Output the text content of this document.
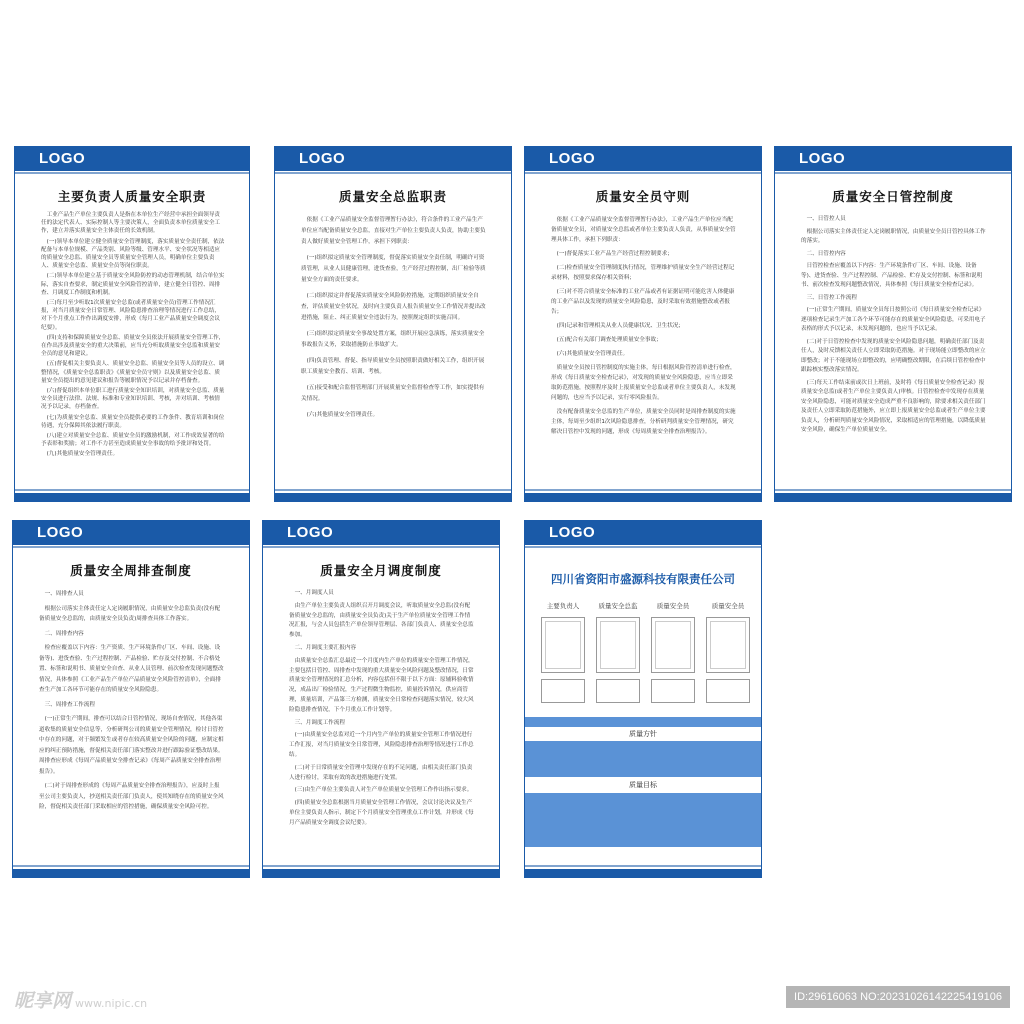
LOGO
主要负责人质量安全职责

工业产品生产单位主要负责人是指在本单位生产经营中承担全面领导责任的法定代表人、实际控制人等主要决策人，全面负责本单位质量安全工作，建立并落实质量安全主体责任的长效机制。

(一)领导本单位建立健全质量安全管理制度，落实质量安全责任制，依法配备与本单位规模、产品类别、风险等级、管理水平、安全状况等相适应的质量安全总监、质量安全员等质量安全管理人员，明确单位主要负责人、质量安全总监、质量安全员等岗位职责。

(二)领导本单位建立基于质量安全风险防控的动态管理机制，结合单位实际，落实自查要求，制定质量安全风险管控清单，建立健全日管控、周排查、月调度工作制度和机制。

(三)每月至少听取1次质量安全总监(或者质量安全员)管理工作情况汇报，对当月质量安全日常管理、风险隐患排查治理等情况进行工作总结，对下个月重点工作作出调度安排，形成《每月工业产品质量安全调度会议纪要》。

(四)支持和保障质量安全总监、质量安全员依法开展质量安全管理工作，在作出涉及质量安全的重大决策前，应当充分听取质量安全总监和质量安全员的意见和建议。

(五)督促相关主要负责人、质量安全总监、质量安全员等人员的设立、调整情况，《质量安全总监职责》《质量安全员守则》以及质量安全总监、质量安全员提出的意见建议和报告等履职情况予以记录并存档备查。

(六)督促组织本单位职工进行质量安全知识培训，对质量安全总监、质量安全员进行法律、法规、标准和专业知识培训、考核，并对培训、考核情况予以记录，存档备查。

(七)为质量安全总监、质量安全员提供必要的工作条件、教育培训和岗位待遇，充分保障其依法履行职责。

(八)建立对质量安全总监、质量安全员的激励机制，对工作成效显著的给予表彰和奖励；对工作不力甚至造成质量安全事故的给予批评和处罚。

(九)其他质量安全管理责任。

LOGO
质量安全总监职责

依据《工业产品质量安全监督管理暂行办法》，符合条件的工业产品生产单位应当配备质量安全总监，直接对生产单位主要负责人负责，协助主要负责人做好质量安全管理工作，承担下列职责：

(一)组织拟定质量安全管理制度，督促落实质量安全责任制，明确许可资质管理，从业人员健康管理，进货查验，生产经营过程控制，出厂检验等质量安全方面的责任要求。

(二)组织拟定并督促落实质量安全风险防控措施，定期组织质量安全自查，评估质量安全状况，及时向主要负责人报告质量安全工作情况并提出改进措施，阻止、纠正质量安全违法行为，按照规定组织实施召回。

(三)组织拟定质量安全事故处置方案，组织开展应急演练，落实质量安全事故报告义务，采取措施防止事故扩大。

(四)负责管理、督促、指导质量安全员按照职责做好相关工作，组织开展职工质量安全教育、培训、考核。

(五)接受和配合监督管理部门开展质量安全监督检查等工作，如实提供有关情况。

(六)其他质量安全管理责任。

LOGO
质量安全员守则

依据《工业产品质量安全监督管理暂行办法》，工业产品生产单位应当配备质量安全员，对质量安全总监或者单位主要负责人负责，从事质量安全管理具体工作，承担下列职责：

(一)督促落实工业产品生产经营过程控制要求；

(二)检查质量安全管理制度执行情况，管理维护质量安全生产经营过程记录材料，按照要求保存相关资料；

(三)对不符合质量安全标准的工业产品或者有证据证明可能危害人体健康的工业产品以及发现的质量安全风险隐患，及时采取有效措施整改或者报告；

(四)记录和管理相关从业人员健康状况、卫生状况；

(五)配合有关部门调查处理质量安全事故；

(六)其他质量安全管理责任。

质量安全员按日管控制度的实施主体，每日根据风险管控清单进行检查，形成《每日质量安全检查记录》，对发现的质量安全风险隐患，应当立即采取防范措施，按照程序及时上报质量安全总监或者单位主要负责人，未发现问题的，也应当予以记录，实行零风险报告。

没有配备质量安全总监的生产单位，质量安全员同时是周排查制度的实施主体，每周至少组织1次风险隐患排查，分析研判质量安全管理情况，研究解决日管控中发现的问题，形成《每周质量安全排查治理报告》。

LOGO
质量安全日管控制度

一、日管控人员

根据公司落实主体责任定人定岗履职情况，由质量安全员日管控具体工作的落实。

二、日管控内容

日管控检查应覆盖以下内容：生产环境条件(厂区、车间、设施、设备等)、进货查验、生产过程控制、产品检验、贮存及交付控制、标签和说明书、前次检查发现问题整改情况，具体参照《每日质量安全检查记录》。

三、日管控工作流程

(一)正常生产期间，质量安全员每日按照公司《每日质量安全检查记录》逐项检查记录生产加工各个环节可能存在的质量安全风险隐患，可采用电子表格的形式予以记录，未发现问题的，也应当予以记录。

(二)对于日管控检查中发现的质量安全风险隐患问题，明确责任部门及责任人，及时反馈相关责任人立即采取防范措施。对于现场能立即整改的应立即整改；对于不能现场立即整改的，应明确整改期限，在后续日管控检查中跟踪核实整改落实情况。

(三)每天工作结束前或次日上班前，及时将《每日质量安全检查记录》报质量安全总监(或者生产单位主要负责人)审核。日管控检查中发现存在质量安全风险隐患，可能对质量安全造成严重不良影响的，除要求相关责任部门及责任人立即采取防范措施外，应立即上报质量安全总监或者生产单位主要负责人，分析研判质量安全风险情况，采取相适应的管理措施，以降低质量安全风险，确保生产单位质量安全。

LOGO
质量安全周排查制度

一、周排查人员

根据公司落实主体责任定人定岗履职情况，由质量安全总监负责(没有配备质量安全总监的，由质量安全员负责)周排查具体工作落实。

二、周排查内容

检查应覆盖以下内容：生产资质、生产环境条件(厂区、车间、设施、设备等)、进货查验、生产过程控制、产品检验、贮存及交付控制、不合格处置、标签和说明书、质量安全自查、从业人员管理、前次检查发现问题整改情况，具体参照《工业产品生产单位产品质量安全风险管控清单》，全面排查生产加工各环节可能存在的质量安全风险隐患。

三、周排查工作流程

(一)正常生产期间，排查可以结合日管控情况，现场自查情况，其他各渠道收集的质量安全信息等，分析研判公司的质量安全管理情况，检讨日管控中存在的问题，对于频繁发生或者存在较高质量安全风险的问题，应制定相应的纠正预防措施，督促相关责任部门落实整改并进行跟踪验证整改结果。周排查应形成《每周产品质量安全排查记录》《每周产品质量安全排查治理报告》。

(二)对于周排查形成的《每周产品质量安全排查治理报告》，应及时上报至公司主要负责人，抄送相关责任部门负责人，使其知晓存在的质量安全风险，督促相关责任部门采取相应的管控措施，确保质量安全风险可控。

LOGO
质量安全月调度制度

一、月调度人员

由生产单位主要负责人组织召开月调度会议，听取质量安全总监(没有配备质量安全总监的，由质量安全员负责)关于生产单位质量安全管理工作情况汇报，与会人员包括生产单位领导管理层、各部门负责人、质量安全总监参加。

二、月调度主要汇报内容

由质量安全总监汇总最近一个月度内生产单位的质量安全管理工作情况，主要包括日管控、周排查中发现的重大质量安全风险问题及整改情况，日常质量安全管理情况的汇总分析，内容包括但不限于以下方面：原辅料验收情况，成品出厂检验情况，生产过程微生物监控，质量投诉情况，供应商管理，质量培训，产品第三方检测，质量安全日常检查问题落实情况，较大风险隐患排查情况，下个月重点工作计划等。

三、月调度工作流程

(一)由质量安全总监对近一个月内生产单位的质量安全管理工作情况进行工作汇报，对当月质量安全日常管理，风险隐患排查治理等情况进行工作总结。

(二)对于日常质量安全管理中发现存在的不足问题，由相关责任部门负责人进行检讨，采取有效的改进措施进行处置。

(三)由生产单位主要负责人对生产单位质量安全管理工作作出指示要求。

(四)质量安全总监根据当月质量安全管理工作情况，会议讨论决议及生产单位主要负责人指示，制定下个月质量安全管理重点工作计划，并形成《每月产品质量安全调度会议纪要》。

LOGO
四川省资阳市盛源科技有限责任公司
主要负责人	质量安全总监	质量安全员	质量安全员
质量方针
质量目标
昵享网 www.nipic.cn	ID:29616063 NO:20231026142225419106
